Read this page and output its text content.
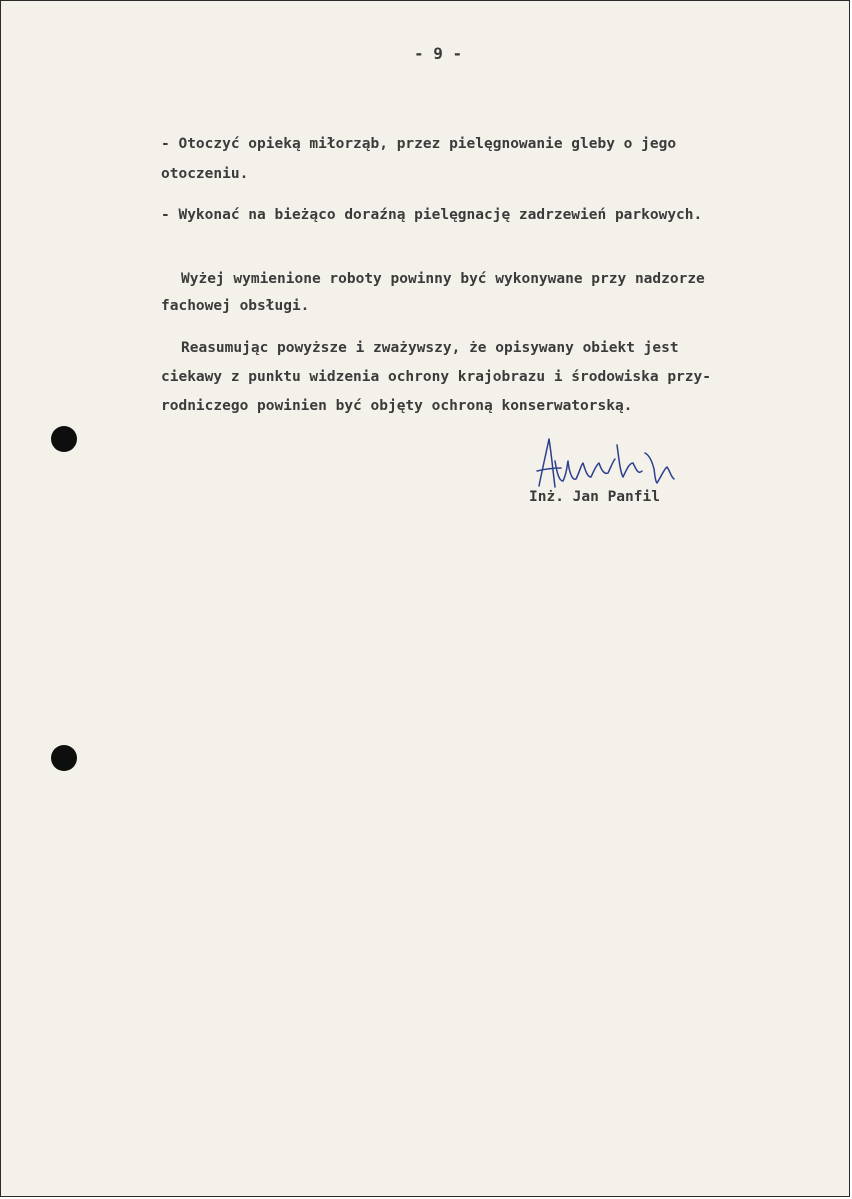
- 9 -
- Otoczyć opieką miłorząb, przez pielęgnowanie gleby o jego
otoczeniu.
- Wykonać na bieżąco doraźną pielęgnację zadrzewień parkowych.
Wyżej wymienione roboty powinny być wykonywane przy nadzorze
fachowej obsługi.
Reasumując powyższe i zważywszy, że opisywany obiekt jest
ciekawy z punktu widzenia ochrony krajobrazu i środowiska przy-
rodniczego powinien być objęty ochroną konserwatorską.
Inż. Jan Panfil
